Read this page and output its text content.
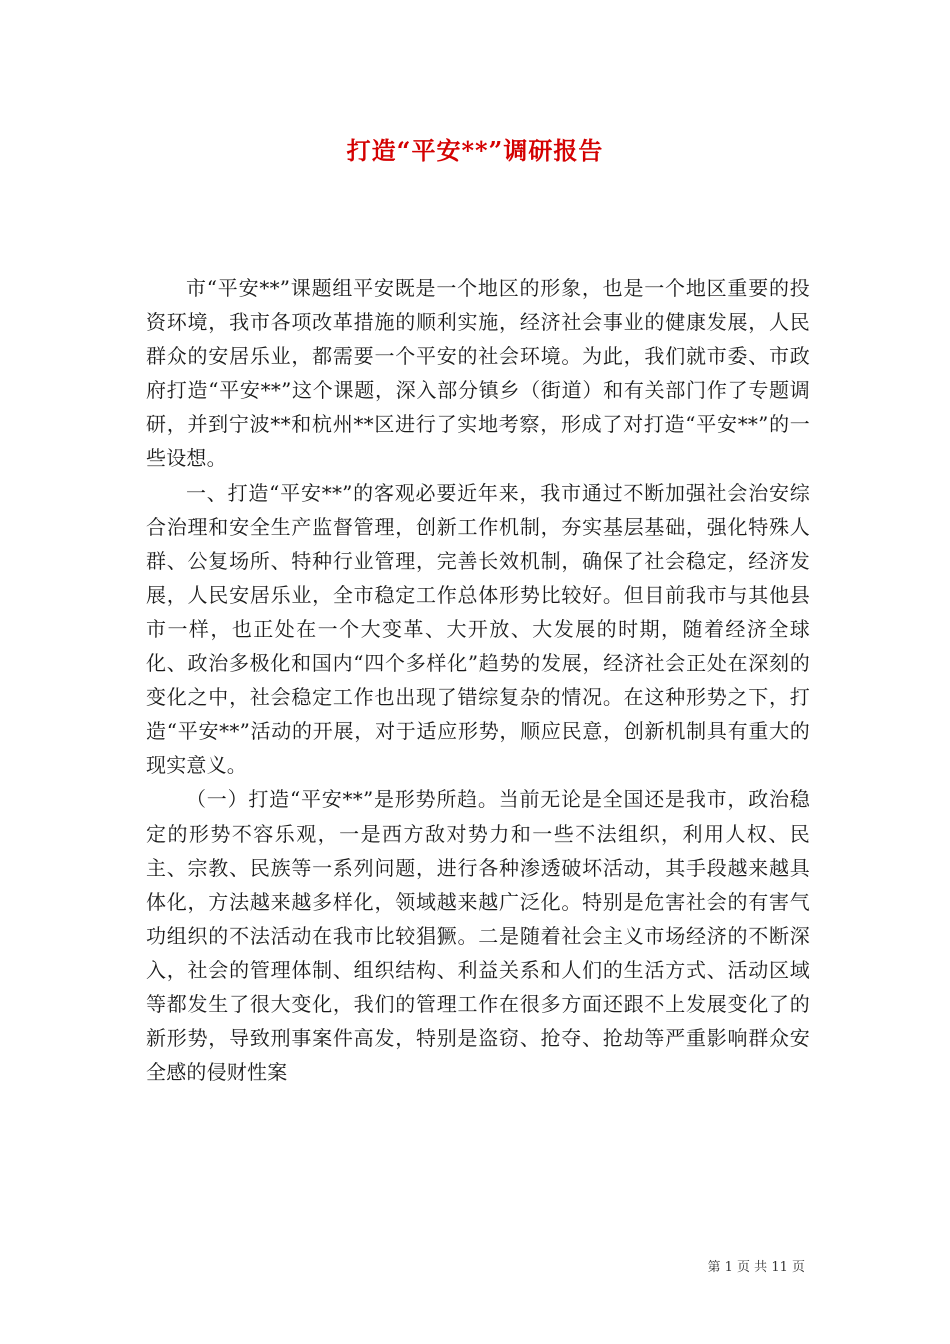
打造“平安**”调研报告

市“平安**”课题组平安既是一个地区的形象，也是一个地区重要的投资环境，我市各项改革措施的顺利实施，经济社会事业的健康发展，人民群众的安居乐业，都需要一个平安的社会环境。为此，我们就市委、市政府打造“平安**”这个课题，深入部分镇乡（街道）和有关部门作了专题调研，并到宁波**和杭州**区进行了实地考察，形成了对打造“平安**”的一些设想。

一、打造“平安**”的客观必要近年来，我市通过不断加强社会治安综合治理和安全生产监督管理，创新工作机制，夯实基层基础，强化特殊人群、公复场所、特种行业管理，完善长效机制，确保了社会稳定，经济发展，人民安居乐业，全市稳定工作总体形势比较好。但目前我市与其他县市一样，也正处在一个大变革、大开放、大发展的时期，随着经济全球化、政治多极化和国内“四个多样化”趋势的发展，经济社会正处在深刻的变化之中，社会稳定工作也出现了错综复杂的情况。在这种形势之下，打造“平安**”活动的开展，对于适应形势，顺应民意，创新机制具有重大的现实意义。

（一）打造“平安**”是形势所趋。当前无论是全国还是我市，政治稳定的形势不容乐观，一是西方敌对势力和一些不法组织，利用人权、民主、宗教、民族等一系列问题，进行各种渗透破坏活动，其手段越来越具体化，方法越来越多样化，领域越来越广泛化。特别是危害社会的有害气功组织的不法活动在我市比较猖獗。二是随着社会主义市场经济的不断深入，社会的管理体制、组织结构、利益关系和人们的生活方式、活动区域等都发生了很大变化，我们的管理工作在很多方面还跟不上发展变化了的新形势，导致刑事案件高发，特别是盗窃、抢夺、抢劫等严重影响群众安全感的侵财性案

第 1 页 共 11 页
